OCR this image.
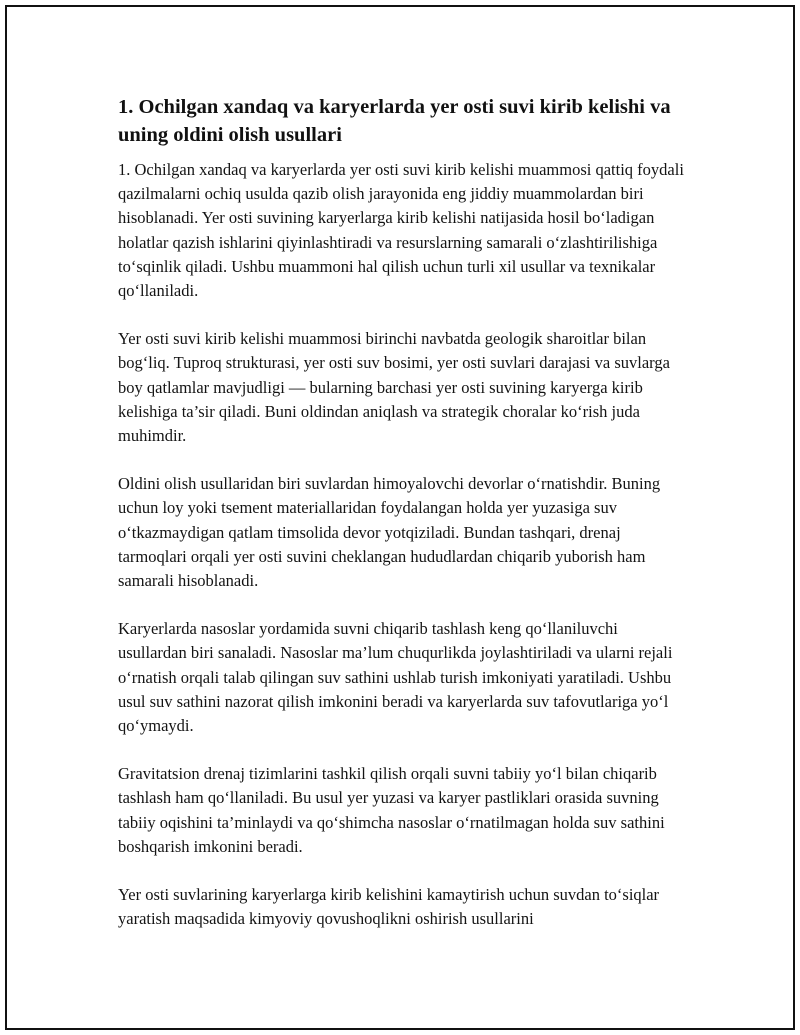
1. Ochilgan xandaq va karyerlarda yer osti suvi kirib kelishi va uning oldini olish usullari

1. Ochilgan xandaq va karyerlarda yer osti suvi kirib kelishi muammosi qattiq foydali qazilmalarni ochiq usulda qazib olish jarayonida eng jiddiy muammolardan biri hisoblanadi. Yer osti suvining karyerlarga kirib kelishi natijasida hosil bo‘ladigan holatlar qazish ishlarini qiyinlashtiradi va resurslarning samarali o‘zlashtirilishiga to‘sqinlik qiladi. Ushbu muammoni hal qilish uchun turli xil usullar va texnikalar qo‘llaniladi.

Yer osti suvi kirib kelishi muammosi birinchi navbatda geologik sharoitlar bilan bog‘liq. Tuproq strukturasi, yer osti suv bosimi, yer osti suvlari darajasi va suvlarga boy qatlamlar mavjudligi — bularning barchasi yer osti suvining karyerga kirib kelishiga ta’sir qiladi. Buni oldindan aniqlash va strategik choralar ko‘rish juda muhimdir.

Oldini olish usullaridan biri suvlardan himoyalovchi devorlar o‘rnatishdir. Buning uchun loy yoki tsement materiallaridan foydalangan holda yer yuzasiga suv o‘tkazmaydigan qatlam timsolida devor yotqiziladi. Bundan tashqari, drenaj tarmoqlari orqali yer osti suvini cheklangan hududlardan chiqarib yuborish ham samarali hisoblanadi.

Karyerlarda nasoslar yordamida suvni chiqarib tashlash keng qo‘llaniluvchi usullardan biri sanaladi. Nasoslar ma’lum chuqurlikda joylashtiriladi va ularni rejali o‘rnatish orqali talab qilingan suv sathini ushlab turish imkoniyati yaratiladi. Ushbu usul suv sathini nazorat qilish imkonini beradi va karyerlarda suv tafovutlariga yo‘l qo‘ymaydi.

Gravitatsion drenaj tizimlarini tashkil qilish orqali suvni tabiiy yo‘l bilan chiqarib tashlash ham qo‘llaniladi. Bu usul yer yuzasi va karyer pastliklari orasida suvning tabiiy oqishini ta’minlaydi va qo‘shimcha nasoslar o‘rnatilmagan holda suv sathini boshqarish imkonini beradi.

Yer osti suvlarining karyerlarga kirib kelishini kamaytirish uchun suvdan to‘siqlar yaratish maqsadida kimyoviy qovushoqlikni oshirish usullarini
